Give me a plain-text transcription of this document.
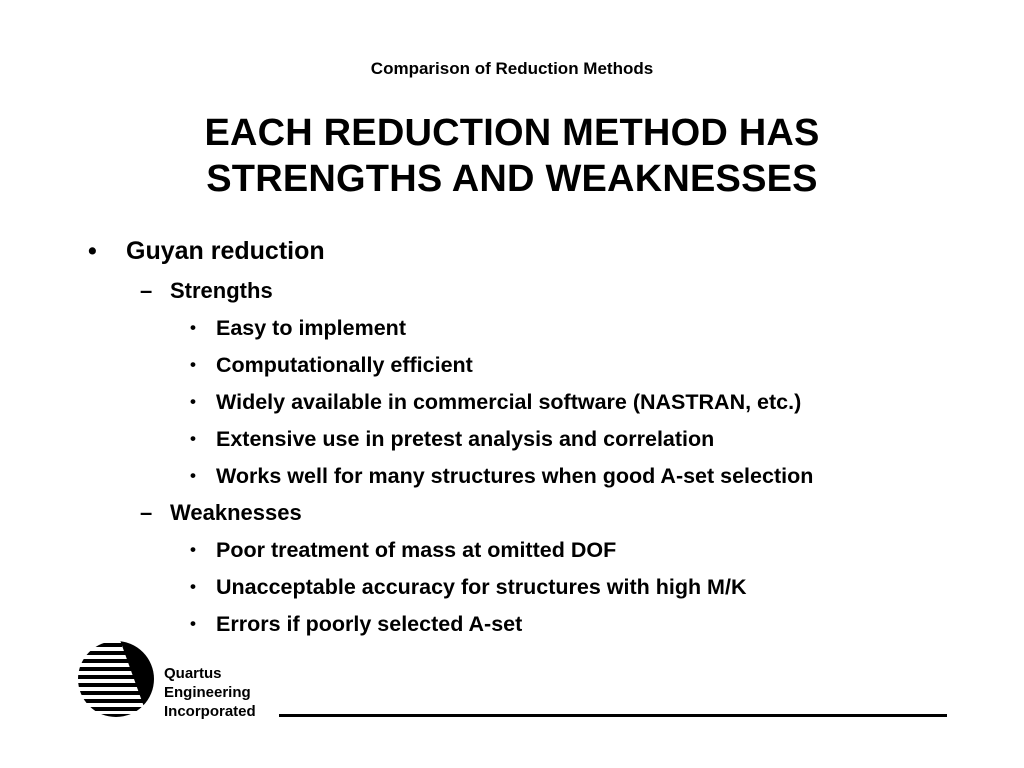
Comparison of Reduction Methods
EACH REDUCTION METHOD HAS
STRENGTHS AND WEAKNESSES
• Guyan reduction
– Strengths
• Easy to implement
• Computationally efficient
• Widely available in commercial software (NASTRAN, etc.)
• Extensive use in pretest analysis and correlation
• Works well for many structures when good A-set selection
– Weaknesses
• Poor treatment of mass at omitted DOF
• Unacceptable accuracy for structures with high M/K
• Errors if poorly selected A-set
Quartus
Engineering
Incorporated
